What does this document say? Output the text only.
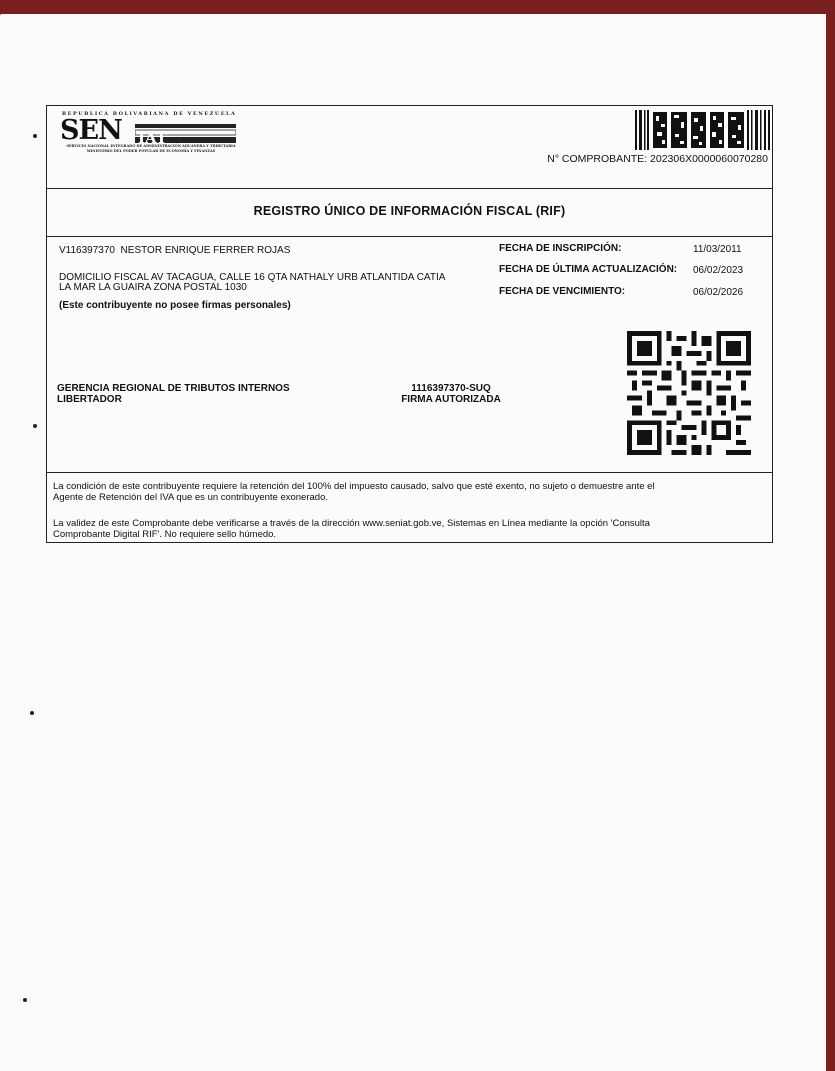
REPUBLICA BOLIVARIANA DE VENEZUELA
SEN IAT
SERVICIO NACIONAL INTEGRADO DE ADMINISTRACIÓN ADUANERA Y TRIBUTARIA
MINISTERIO DEL PODER POPULAR DE ECONOMÍA Y FINANZAS
N° COMPROBANTE: 202306X0000060070280
REGISTRO ÚNICO DE INFORMACIÓN FISCAL (RIF)
V116397370 NESTOR ENRIQUE FERRER ROJAS
DOMICILIO FISCAL AV TACAGUA, CALLE 16 QTA NATHALY URB ATLANTIDA CATIA
LA MAR LA GUAIRA ZONA POSTAL 1030
(Este contribuyente no posee firmas personales)
FECHA DE INSCRIPCIÓN:	11/03/2011
FECHA DE ÚLTIMA ACTUALIZACIÓN: 06/02/2023
FECHA DE VENCIMIENTO:	06/02/2026
GERENCIA REGIONAL DE TRIBUTOS INTERNOS
LIBERTADOR
1116397370-SUQ
FIRMA AUTORIZADA
La condición de este contribuyente requiere la retención del 100% del impuesto causado, salvo que esté exento, no sujeto o demuestre ante el
Agente de Retención del IVA que es un contribuyente exonerado.
La validez de este Comprobante debe verificarse a través de la dirección www.seniat.gob.ve, Sistemas en Línea mediante la opción 'Consulta
Comprobante Digital RIF'. No requiere sello húmedo.
